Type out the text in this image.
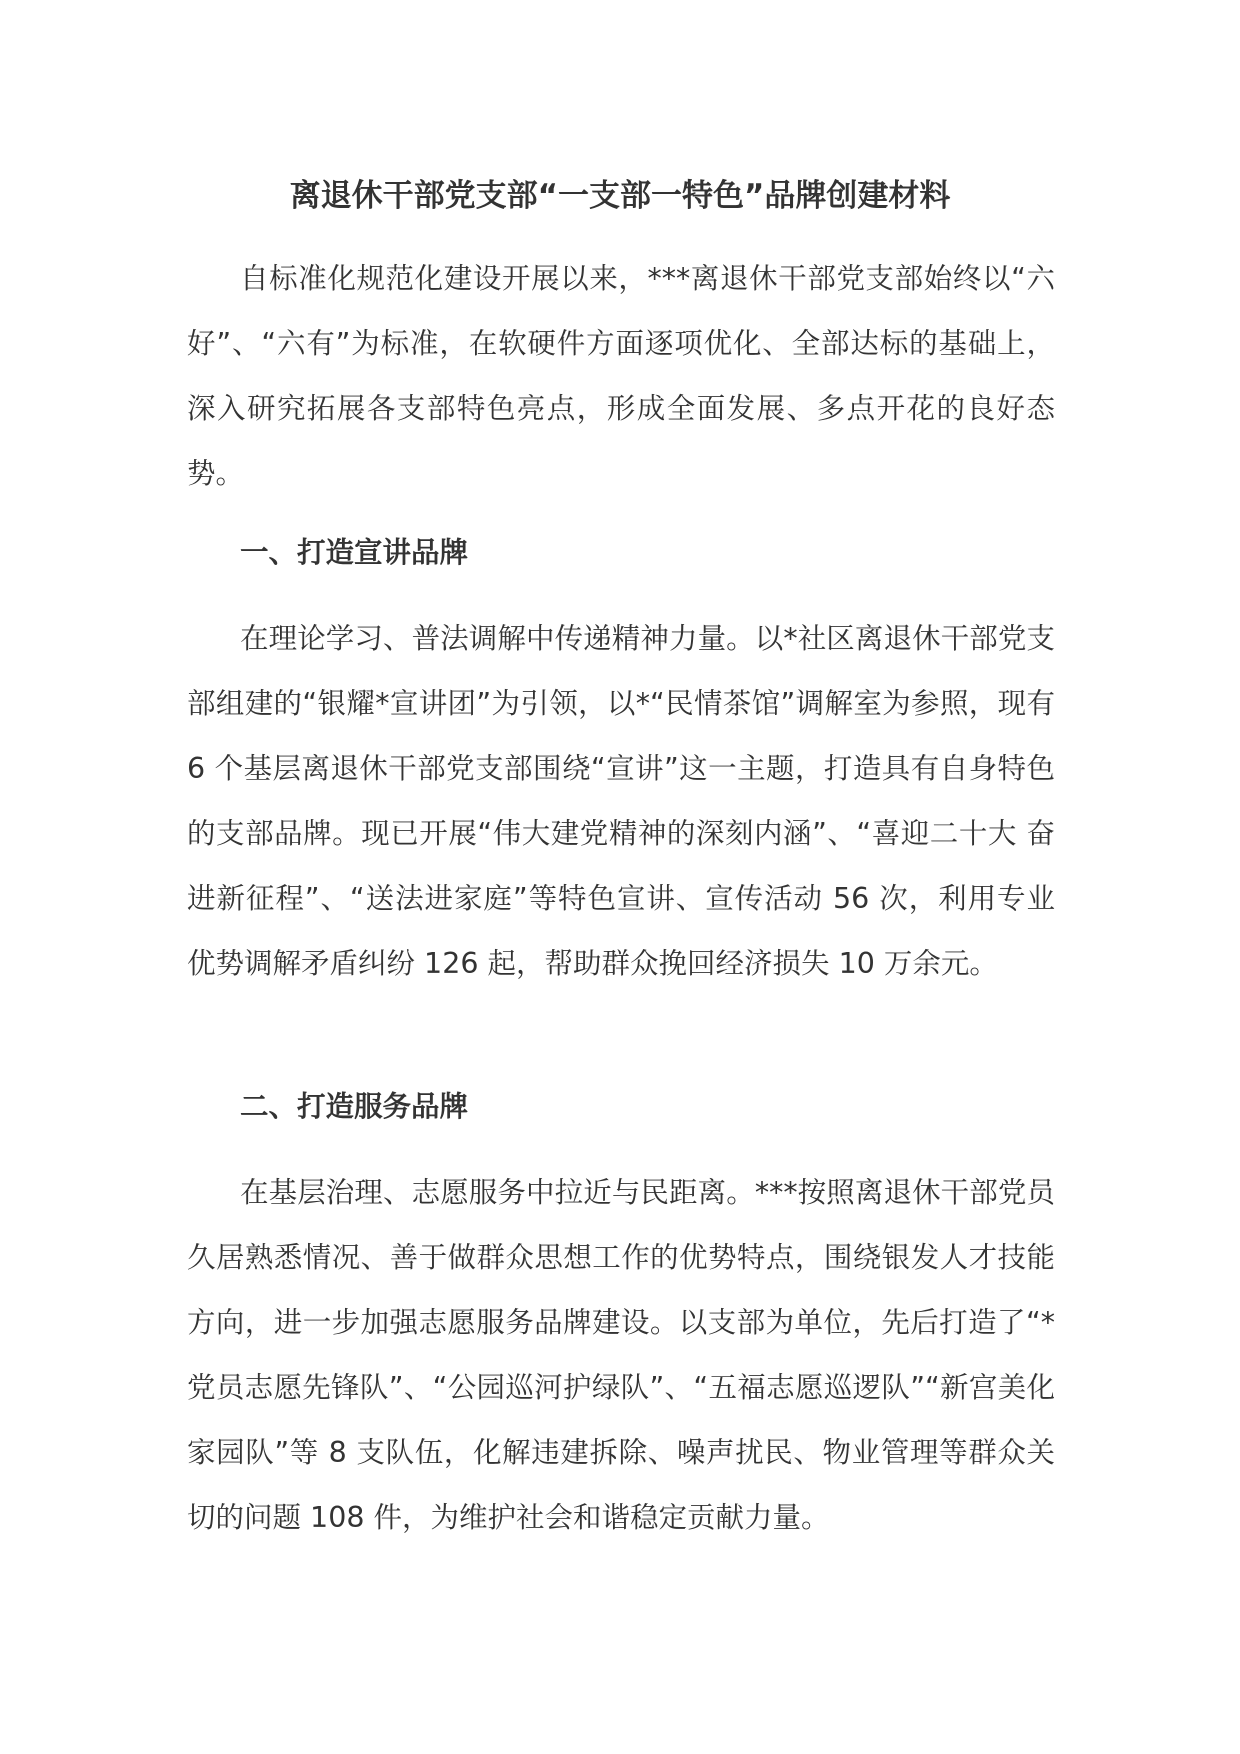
离退休干部党支部“一支部一特色”品牌创建材料

自标准化规范化建设开展以来，***离退休干部党支部始终以“六好”、“六有”为标准，在软硬件方面逐项优化、全部达标的基础上，深入研究拓展各支部特色亮点，形成全面发展、多点开花的良好态势。

一、打造宣讲品牌

在理论学习、普法调解中传递精神力量。以*社区离退休干部党支部组建的“银耀*宣讲团”为引领，以*“民情茶馆”调解室为参照，现有 6 个基层离退休干部党支部围绕“宣讲”这一主题，打造具有自身特色的支部品牌。现已开展“伟大建党精神的深刻内涵”、“喜迎二十大 奋进新征程”、“送法进家庭”等特色宣讲、宣传活动 56 次，利用专业优势调解矛盾纠纷 126 起，帮助群众挽回经济损失 10 万余元。

二、打造服务品牌

在基层治理、志愿服务中拉近与民距离。***按照离退休干部党员久居熟悉情况、善于做群众思想工作的优势特点，围绕银发人才技能方向，进一步加强志愿服务品牌建设。以支部为单位，先后打造了“*党员志愿先锋队”、“公园巡河护绿队”、“五福志愿巡逻队”“新宫美化家园队”等 8 支队伍，化解违建拆除、噪声扰民、物业管理等群众关切的问题 108 件，为维护社会和谐稳定贡献力量。
